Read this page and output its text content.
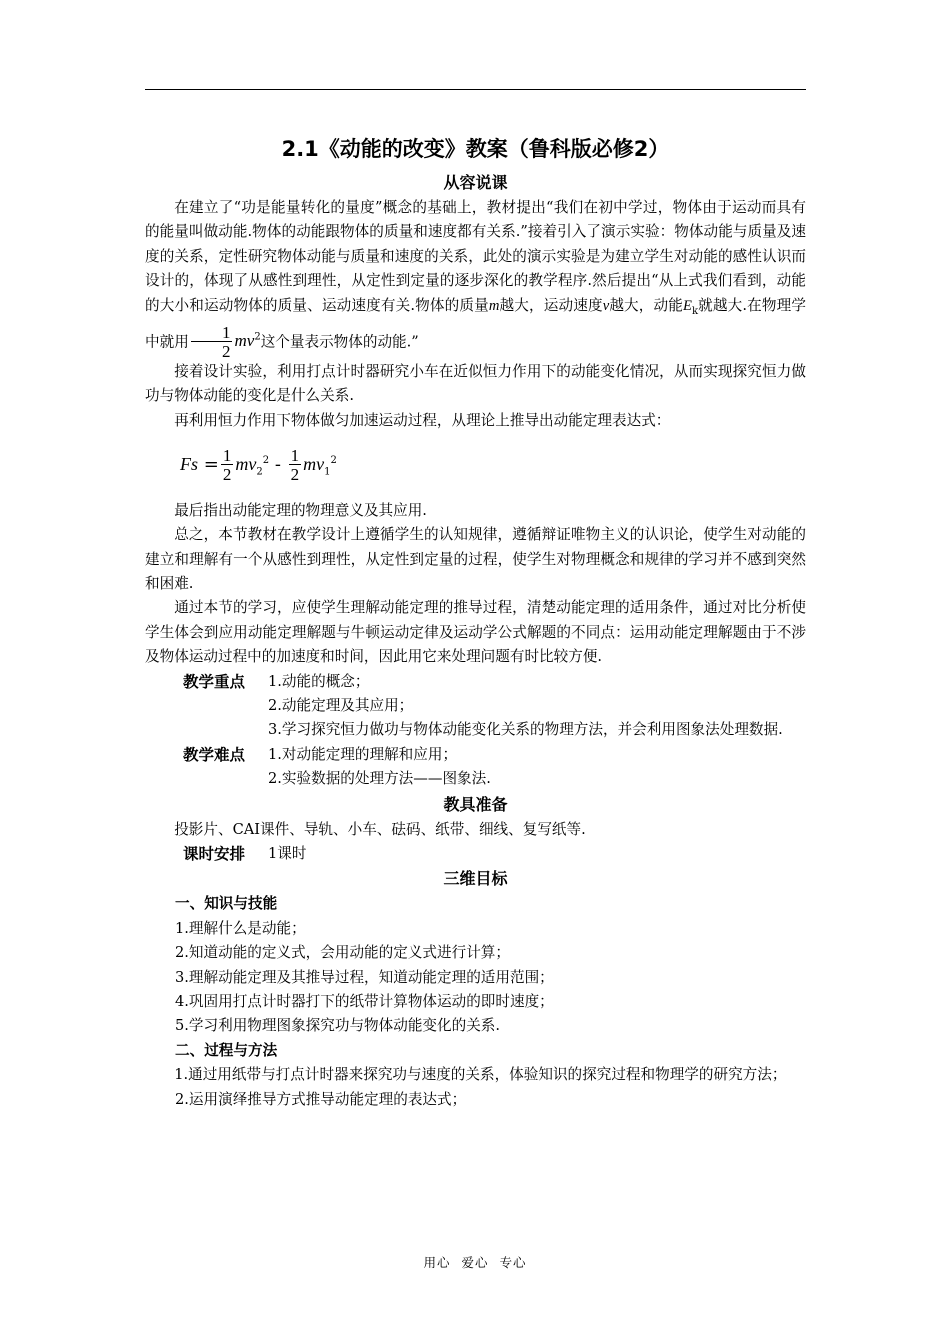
2.1《动能的改变》教案（鲁科版必修2）
从容说课

在建立了“功是能量转化的量度”概念的基础上，教材提出“我们在初中学过，物体由于运动而具有的能量叫做动能.物体的动能跟物体的质量和速度都有关系.”接着引入了演示实验：物体动能与质量及速度的关系，定性研究物体动能与质量和速度的关系，此处的演示实验是为建立学生对动能的感性认识而设计的，体现了从感性到理性，从定性到定量的逐步深化的教学程序.然后提出“从上式我们看到，动能的大小和运动物体的质量、运动速度有关.物体的质量m越大，运动速度v越大，动能$E_k$就越大.在物理学中就用 $\frac{1}{2} mv^2$这个量表示物体的动能.”

接着设计实验，利用打点计时器研究小车在近似恒力作用下的动能变化情况，从而实现探究恒力做功与物体动能的变化是什么关系.

再利用恒力作用下物体做匀加速运动过程，从理论上推导出动能定理表达式：

$Fs = \frac{1}{2} mv_2^2 - \frac{1}{2} mv_1^2$

最后指出动能定理的物理意义及其应用.

总之，本节教材在教学设计上遵循学生的认知规律，遵循辩证唯物主义的认识论，使学生对动能的建立和理解有一个从感性到理性，从定性到定量的过程，使学生对物理概念和规律的学习并不感到突然和困难.

通过本节的学习，应使学生理解动能定理的推导过程，清楚动能定理的适用条件，通过对比分析使学生体会到应用动能定理解题与牛顿运动定律及运动学公式解题的不同点：运用动能定理解题由于不涉及物体运动过程中的加速度和时间，因此用它来处理问题有时比较方便.

教学重点	1.动能的概念；
2.动能定理及其应用；
3.学习探究恒力做功与物体动能变化关系的物理方法，并会利用图象法处理数据.
教学难点	1.对动能定理的理解和应用；
2.实验数据的处理方法——图象法.
教具准备

投影片、CAI课件、导轨、小车、砝码、纸带、细线、复写纸等.

课时安排	1课时
三维目标
一、知识与技能
1.理解什么是动能；
2.知道动能的定义式，会用动能的定义式进行计算；
3.理解动能定理及其推导过程，知道动能定理的适用范围；
4.巩固用打点计时器打下的纸带计算物体运动的即时速度；
5.学习利用物理图象探究功与物体动能变化的关系.
二、过程与方法

1.通过用纸带与打点计时器来探究功与速度的关系，体验知识的探究过程和物理学的研究方法；

2.运用演绎推导方式推导动能定理的表达式；
用心 爱心 专心
